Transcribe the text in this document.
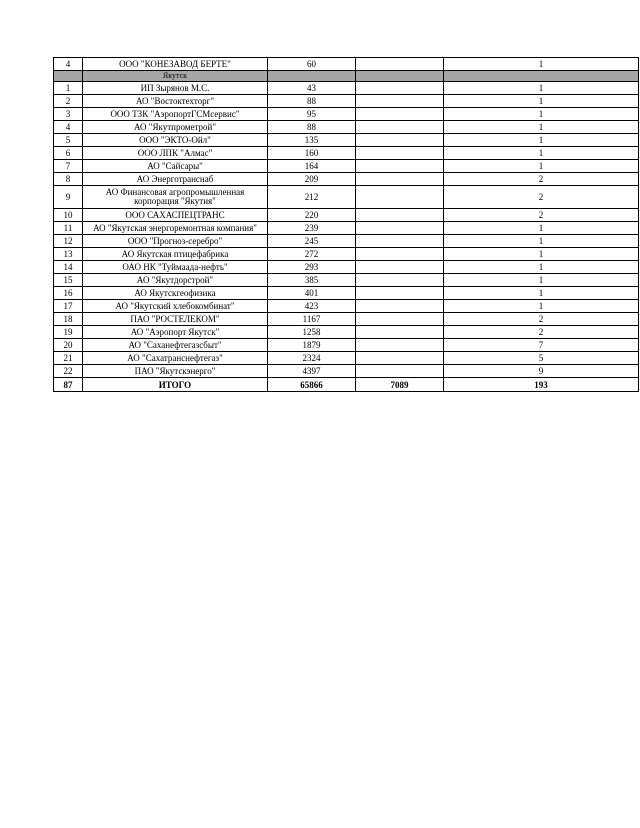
4	ООО "КОНЕЗАВОД БЕРТЕ"	60		1
	Якутск			
1	ИП Зырянов М.С.	43		1
2	АО "Востоктехторг"	88		1
3	ООО ТЗК "АэропортГСМсервис"	95		1
4	АО "Якутпрометрой"	88		1
5	ООО "ЭКТО-Ойл"	135		1
6	ООО ЛПК "Алмас"	160		1
7	АО "Сайсары"	164		1
8	АО Энерготранснаб	209		2
9	АО Финансовая агропромышленная корпорация "Якутия"	212		2
10	ООО САХАСПЕЦТРАНС	220		2
11	АО "Якутская энергоремонтная компания"	239		1
12	ООО "Прогноз-серебро"	245		1
13	АО Якутская птицефабрика	272		1
14	ОАО НК "Туймаада-нефть"	293		1
15	АО "Якутдорстрой"	385		1
16	АО Якутскгеофизика	401		1
17	АО "Якутский хлебокомбинат"	423		1
18	ПАО "РОСТЕЛЕКОМ"	1167		2
19	АО "Аэропорт Якутск"	1258		2
20	АО "Саханефтегазсбыт"	1879		7
21	АО "Сахатранснефтегаз"	2324		5
22	ПАО "Якутскэнерго"	4397		9
87	ИТОГО	65866	7089	193
